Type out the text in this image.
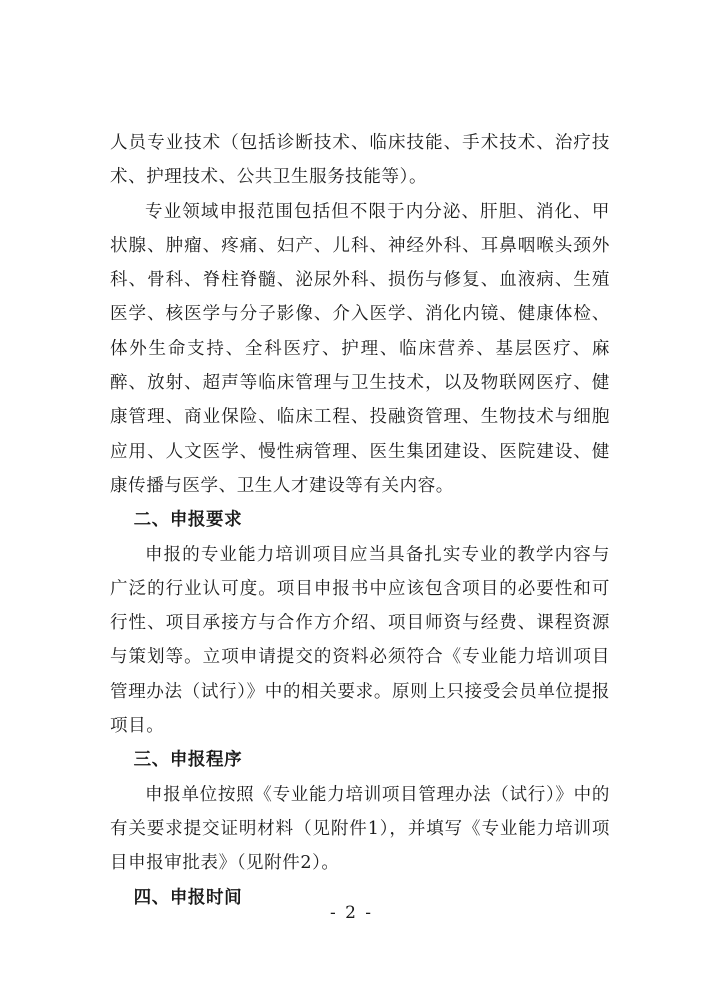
人员专业技术（包括诊断技术、临床技能、手术技术、治疗技术、护理技术、公共卫生服务技能等）。

专业领域申报范围包括但不限于内分泌、肝胆、消化、甲状腺、肿瘤、疼痛、妇产、儿科、神经外科、耳鼻咽喉头颈外科、骨科、脊柱脊髓、泌尿外科、损伤与修复、血液病、生殖医学、核医学与分子影像、介入医学、消化内镜、健康体检、体外生命支持、全科医疗、护理、临床营养、基层医疗、麻醉、放射、超声等临床管理与卫生技术，以及物联网医疗、健康管理、商业保险、临床工程、投融资管理、生物技术与细胞应用、人文医学、慢性病管理、医生集团建设、医院建设、健康传播与医学、卫生人才建设等有关内容。

二、申报要求

申报的专业能力培训项目应当具备扎实专业的教学内容与广泛的行业认可度。项目申报书中应该包含项目的必要性和可行性、项目承接方与合作方介绍、项目师资与经费、课程资源与策划等。立项申请提交的资料必须符合《专业能力培训项目管理办法（试行）》中的相关要求。原则上只接受会员单位提报项目。

三、申报程序

申报单位按照《专业能力培训项目管理办法（试行）》中的有关要求提交证明材料（见附件1），并填写《专业能力培训项目申报审批表》（见附件2）。

四、申报时间

- 2 -
